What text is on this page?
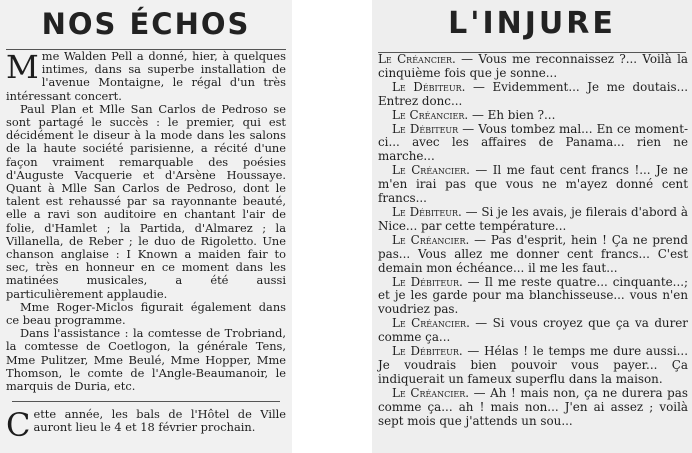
NOS ÉCHOS

Mme Walden Pell a donné, hier, à quelques intimes, dans sa superbe installation de l'avenue Montaigne, le régal d'un très intéressant concert.

Paul Plan et Mlle San Carlos de Pedroso se sont partagé le succès : le premier, qui est décidément le diseur à la mode dans les salons de la haute société parisienne, a récité d'une façon vraiment remarquable des poésies d'Auguste Vacquerie et d'Arsène Houssaye. Quant à Mlle San Carlos de Pedroso, dont le talent est rehaussé par sa rayonnante beauté, elle a ravi son auditoire en chantant l'air de folie, d'Hamlet ; la Partida, d'Almarez ; la Villanella, de Reber ; le duo de Rigoletto. Une chanson anglaise : I Known a maiden fair to sec, très en honneur en ce moment dans les matinées musicales, a été aussi particulièrement applaudie.

Mme Roger-Miclos figurait également dans ce beau programme.

Dans l'assistance : la comtesse de Trobriand, la comtesse de Coetlogon, la générale Tens, Mme Pulitzer, Mme Beulé, Mme Hopper, Mme Thomson, le comte de l'Angle-Beaumanoir, le marquis de Duria, etc.

Cette année, les bals de l'Hôtel de Ville auront lieu le 4 et 18 février prochain.

L'INJURE

Le Créancier. — Vous me reconnaissez ?... Voilà la cinquième fois que je sonne...

Le Débiteur. — Evidemment... Je me doutais... Entrez donc...

Le Créancier. — Eh bien ?...

Le Débiteur — Vous tombez mal... En ce moment-ci... avec les affaires de Panama... rien ne marche...

Le Créancier. — Il me faut cent francs !... Je ne m'en irai pas que vous ne m'ayez donné cent francs...

Le Débiteur. — Si je les avais, je filerais d'abord à Nice... par cette température...

Le Créancier. — Pas d'esprit, hein ! Ça ne prend pas... Vous allez me donner cent francs... C'est demain mon échéance... il me les faut...

Le Débiteur. — Il me reste quatre... cinquante...; et je les garde pour ma blanchisseuse... vous n'en voudriez pas.

Le Créancier. — Si vous croyez que ça va durer comme ça...

Le Débiteur. — Hélas ! le temps me dure aussi... Je voudrais bien pouvoir vous payer... Ça indiquerait un fameux superflu dans la maison.

Le Créancier. — Ah ! mais non, ça ne durera pas comme ça... ah ! mais non... J'en ai assez ; voilà sept mois que j'attends un sou...
